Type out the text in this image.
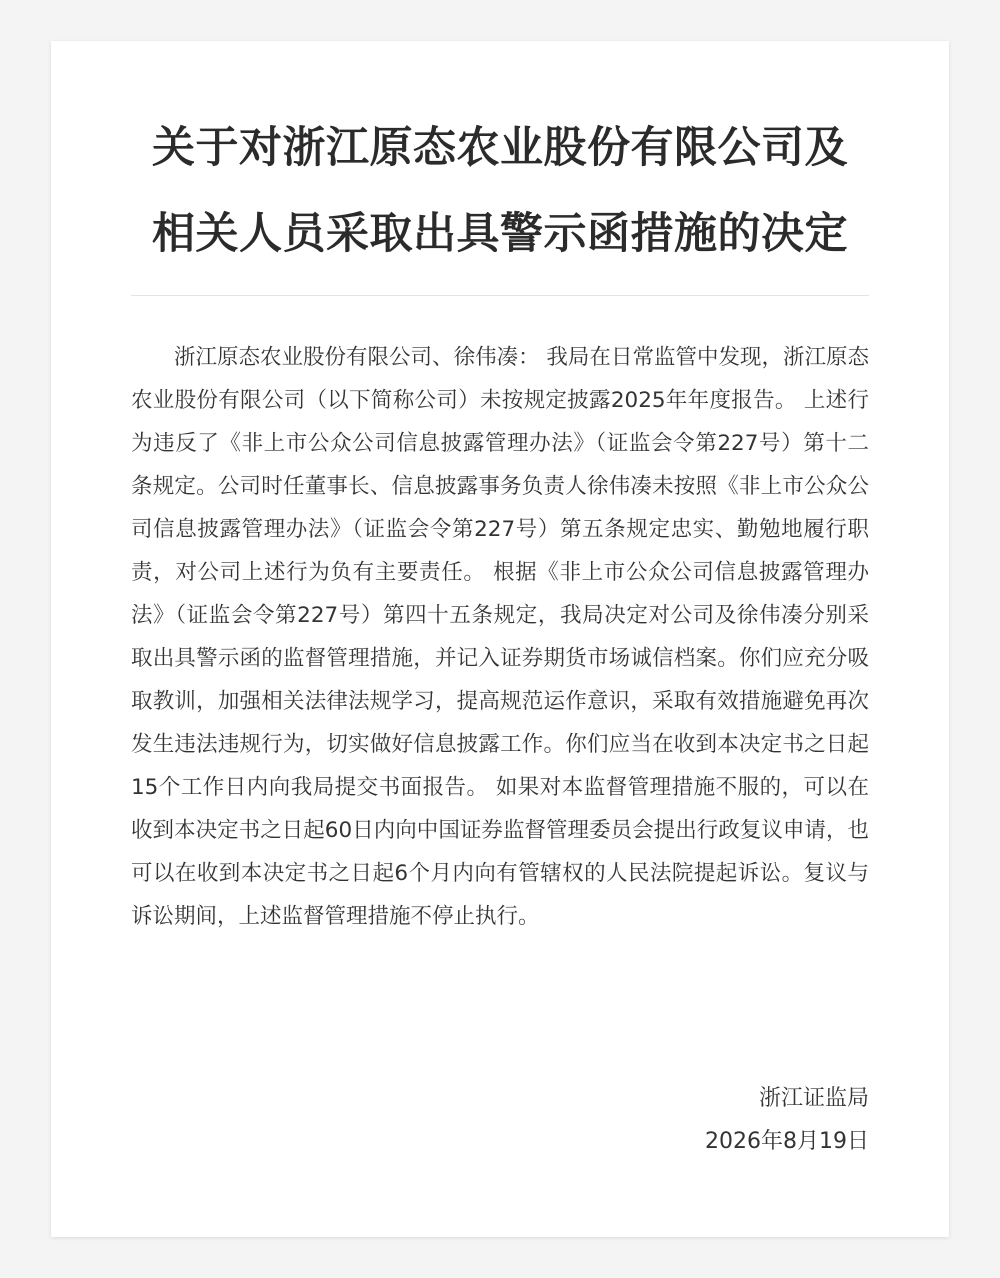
关于对浙江原态农业股份有限公司及
相关人员采取出具警示函措施的决定

浙江原态农业股份有限公司、徐伟凑： 我局在日常监管中发现，浙江原态农业股份有限公司（以下简称公司）未按规定披露2025年年度报告。 上述行为违反了《非上市公众公司信息披露管理办法》（证监会令第227号）第十二条规定。公司时任董事长、信息披露事务负责人徐伟凑未按照《非上市公众公司信息披露管理办法》（证监会令第227号）第五条规定忠实、勤勉地履行职责，对公司上述行为负有主要责任。 根据《非上市公众公司信息披露管理办法》（证监会令第227号）第四十五条规定，我局决定对公司及徐伟凑分别采取出具警示函的监督管理措施，并记入证券期货市场诚信档案。你们应充分吸取教训，加强相关法律法规学习，提高规范运作意识，采取有效措施避免再次发生违法违规行为，切实做好信息披露工作。你们应当在收到本决定书之日起15个工作日内向我局提交书面报告。 如果对本监督管理措施不服的，可以在收到本决定书之日起60日内向中国证券监督管理委员会提出行政复议申请，也可以在收到本决定书之日起6个月内向有管辖权的人民法院提起诉讼。复议与诉讼期间，上述监督管理措施不停止执行。

浙江证监局
2026年8月19日
